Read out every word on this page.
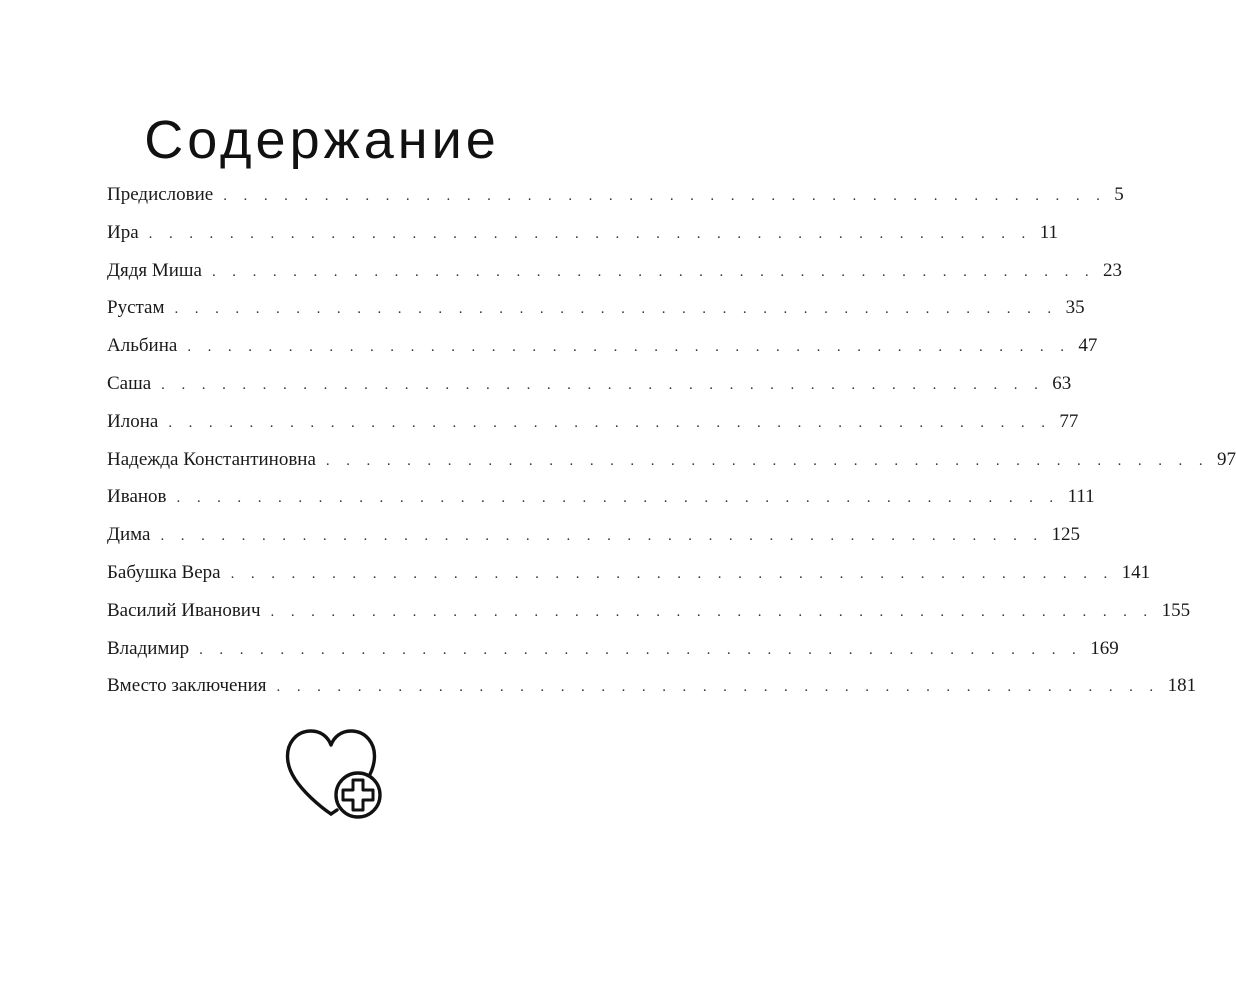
Содержание
Предисловие . . . . . . . . . . . . . . . . . . . . . . . . . . . . . . . . . . . . . . . . . . . . 5
Ира . . . . . . . . . . . . . . . . . . . . . . . . . . . . . . . . . . . . . . . . . . . . 11
Дядя Миша . . . . . . . . . . . . . . . . . . . . . . . . . . . . . . . . . . . . . . . . . . . . 23
Рустам . . . . . . . . . . . . . . . . . . . . . . . . . . . . . . . . . . . . . . . . . . . . 35
Альбина . . . . . . . . . . . . . . . . . . . . . . . . . . . . . . . . . . . . . . . . . . . . 47
Саша . . . . . . . . . . . . . . . . . . . . . . . . . . . . . . . . . . . . . . . . . . . . 63
Илона . . . . . . . . . . . . . . . . . . . . . . . . . . . . . . . . . . . . . . . . . . . . 77
Надежда Константиновна . . . . . . . . . . . . . . . . . . . . . . . . . . . . . . . . . . . . . . . . . . . . 97
Иванов . . . . . . . . . . . . . . . . . . . . . . . . . . . . . . . . . . . . . . . . . . . . 111
Дима . . . . . . . . . . . . . . . . . . . . . . . . . . . . . . . . . . . . . . . . . . . . 125
Бабушка Вера . . . . . . . . . . . . . . . . . . . . . . . . . . . . . . . . . . . . . . . . . . . . 141
Василий Иванович . . . . . . . . . . . . . . . . . . . . . . . . . . . . . . . . . . . . . . . . . . . . 155
Владимир . . . . . . . . . . . . . . . . . . . . . . . . . . . . . . . . . . . . . . . . . . . . 169
Вместо заключения . . . . . . . . . . . . . . . . . . . . . . . . . . . . . . . . . . . . . . . . . . . . 181
